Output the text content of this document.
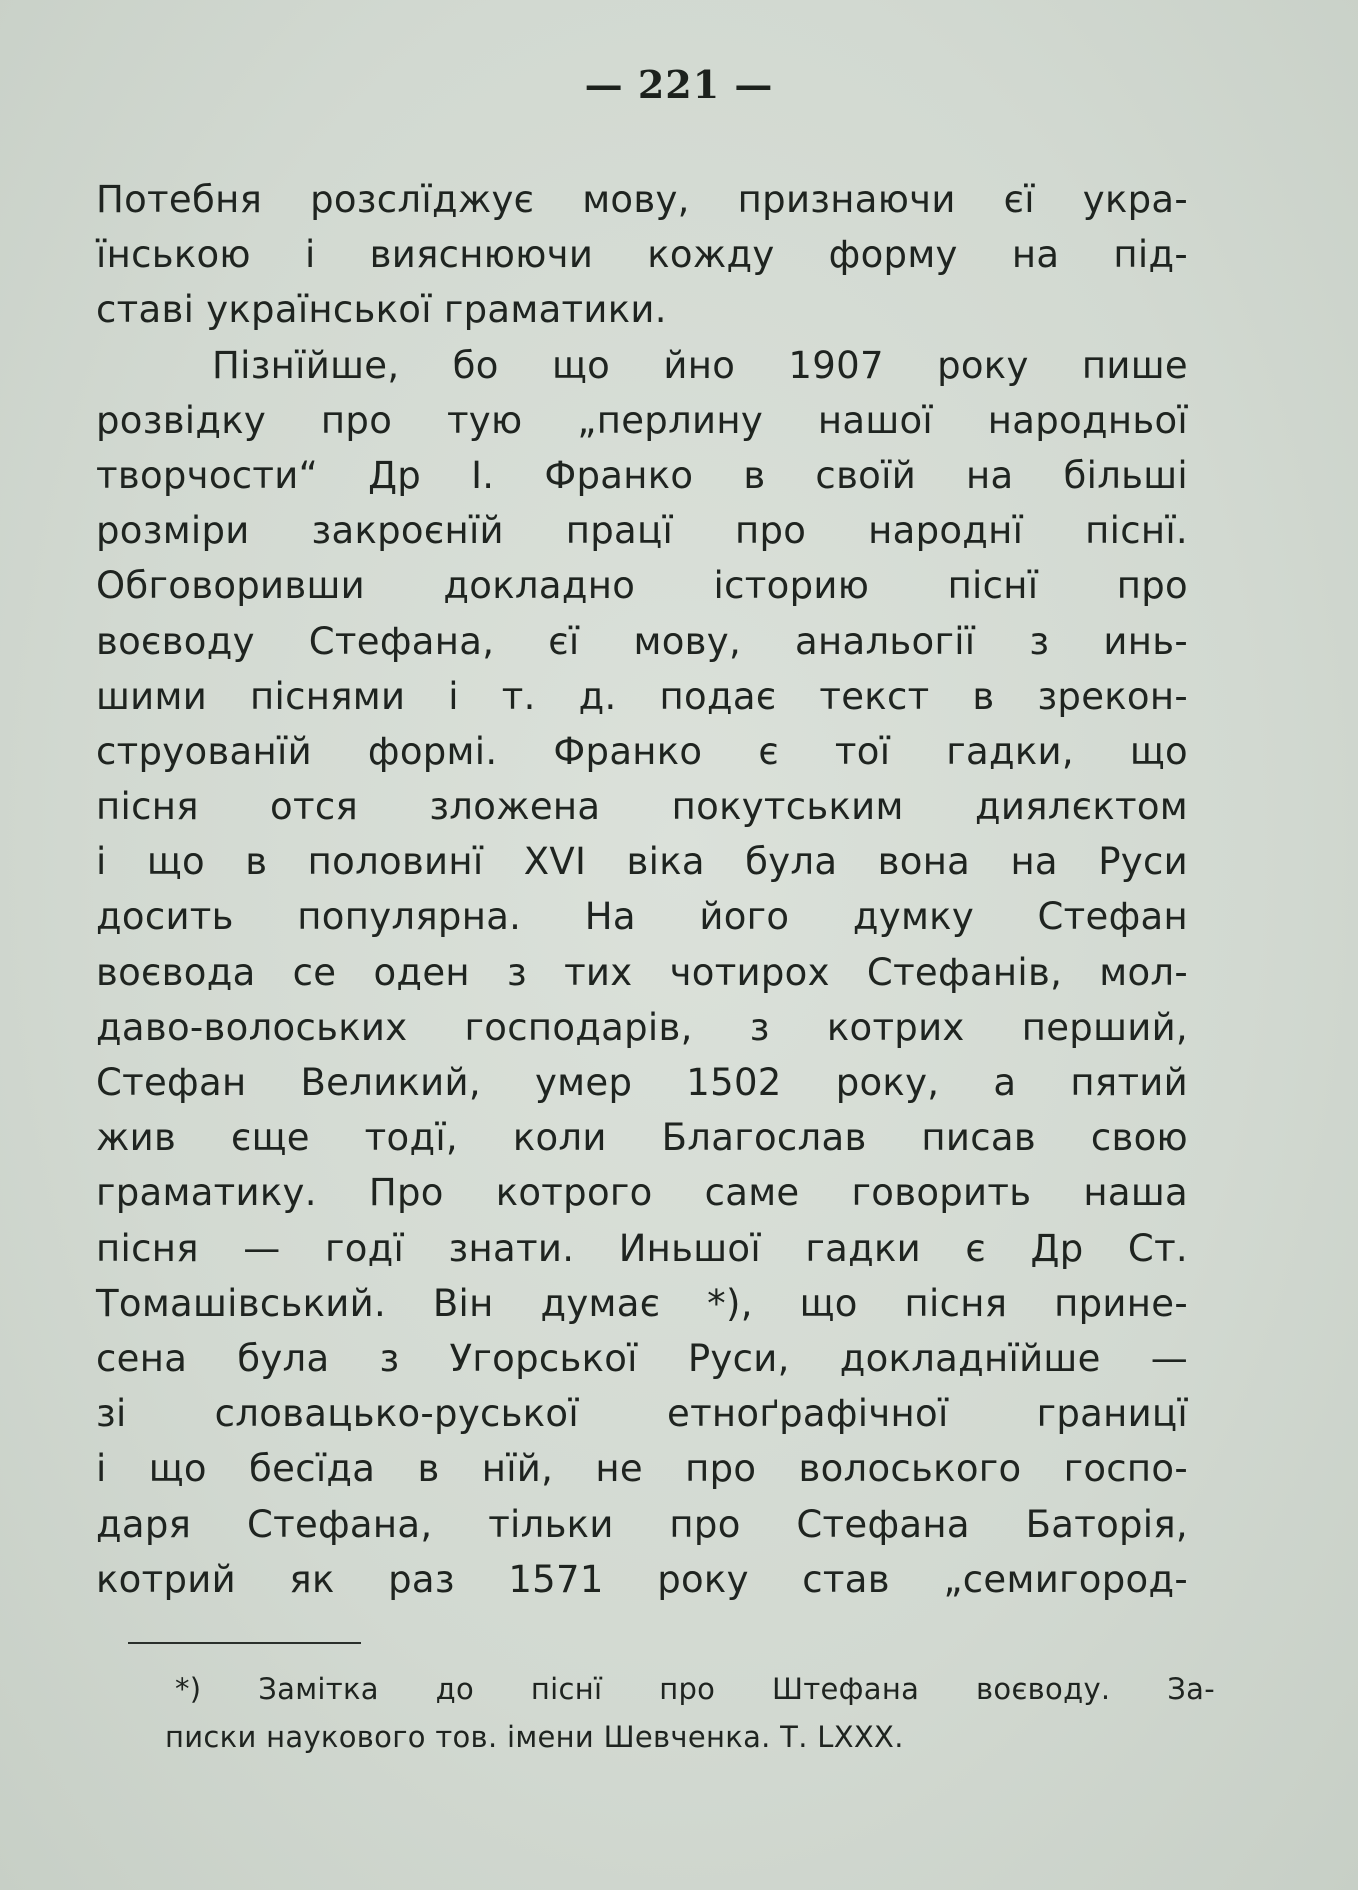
— 221 —
Потебня розслїджує мову, признаючи єї укра-
їнською і вияснюючи кожду форму на під-
ставі української граматики.
Пізнїйше, бо що йно 1907 року пише
розвідку про тую „перлину нашої народньої
творчости“ Др І. Франко в своїй на більші
розміри закроєнїй працї про народнї піснї.
Обговоривши докладно історию піснї про
воєводу Стефана, єї мову, анальогії з инь-
шими піснями і т. д. подає текст в зрекон-
струованїй формі. Франко є тої гадки, що
пісня отся зложена покутським диялєктом
і що в половинї XVI віка була вона на Руси
досить популярна. На його думку Стефан
воєвода се оден з тих чотирох Стефанів, мол-
даво-волоських господарів, з котрих перший,
Стефан Великий, умер 1502 року, а пятий
жив єще тодї, коли Благослав писав свою
граматику. Про котрого саме говорить наша
пісня — годї знати. Иньшої гадки є Др Ст.
Томашівський. Він думає *), що пісня прине-
сена була з Угорської Руси, докладнїйше —
зі словацько-руської етноґрафічної границї
і що бесїда в нїй, не про волоського госпо-
даря Стефана, тільки про Стефана Баторія,
котрий як раз 1571 року став „семигород-
*) Замітка до піснї про Штефана воєводу. За-
писки наукового тов. імени Шевченка. Т. LXXX.
